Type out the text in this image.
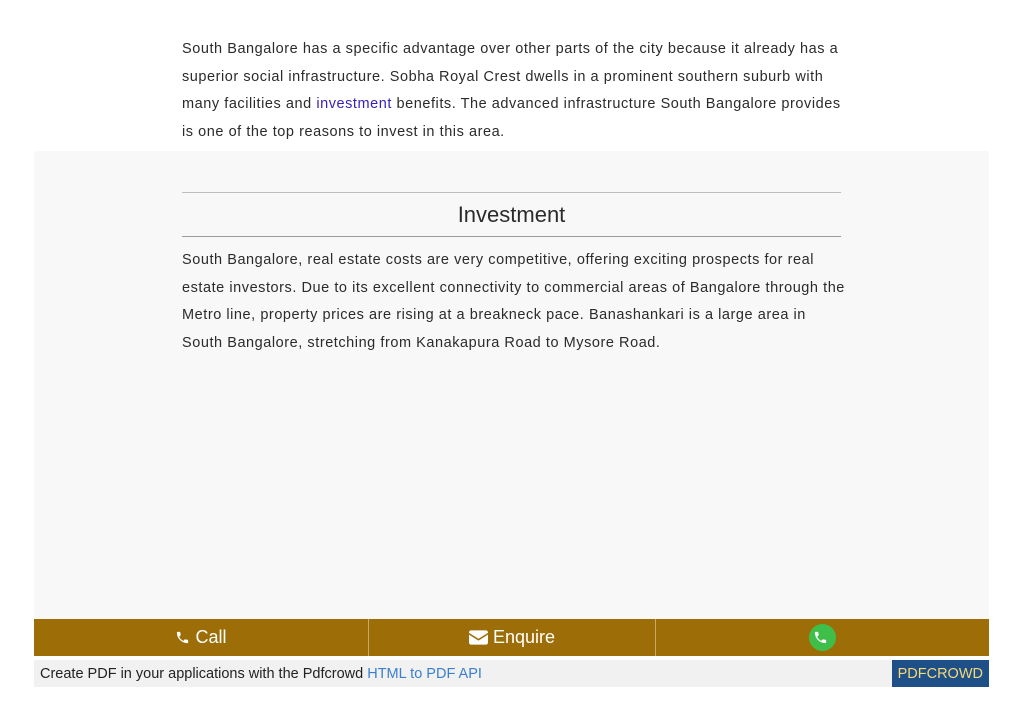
South Bangalore has a specific advantage over other parts of the city because it already has a superior social infrastructure. Sobha Royal Crest dwells in a prominent southern suburb with many facilities and investment benefits. The advanced infrastructure South Bangalore provides is one of the top reasons to invest in this area.
Investment

South Bangalore, real estate costs are very competitive, offering exciting prospects for real estate investors. Due to its excellent connectivity to commercial areas of Bangalore through the Metro line, property prices are rising at a breakneck pace. Banashankari is a large area in South Bangalore, stretching from Kanakapura Road to Mysore Road.

Call	Enquire
Create PDF in your applications with the Pdfcrowd HTML to PDF API	PDFCROWD
